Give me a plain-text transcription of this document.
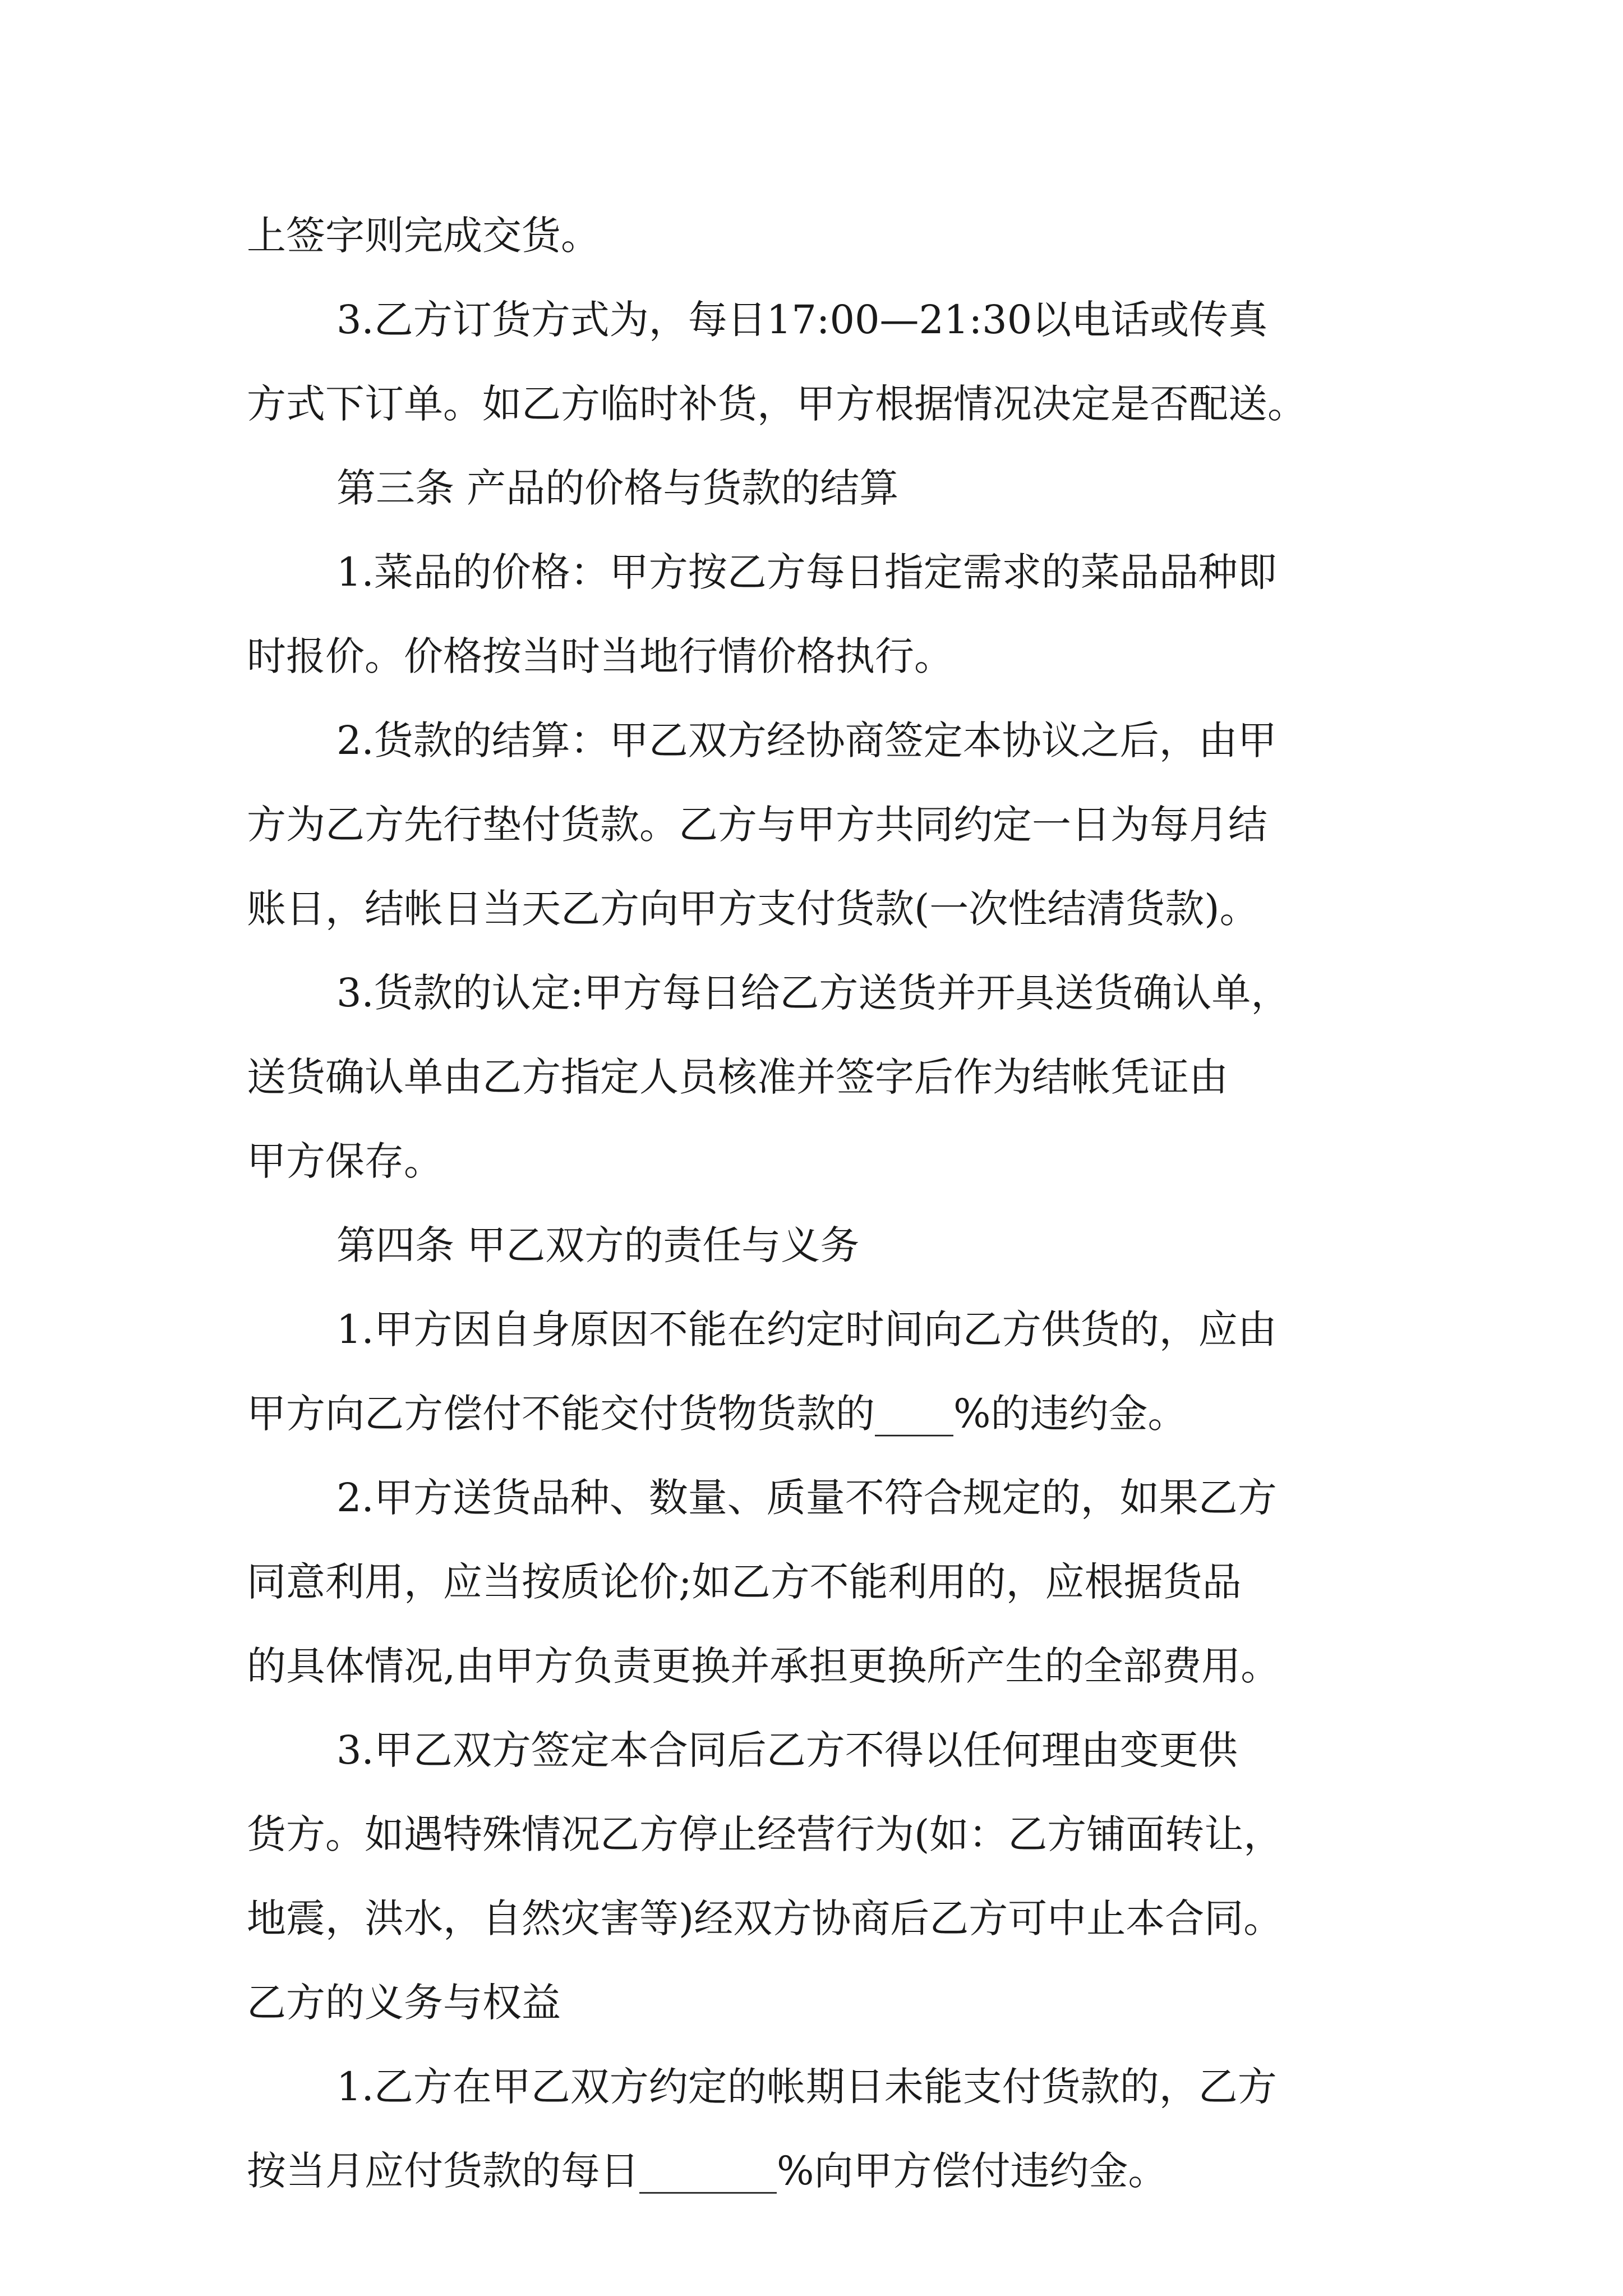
上签字则完成交货。
3.乙方订货方式为，每日17:00—21:30以电话或传真
方式下订单。如乙方临时补货，甲方根据情况决定是否配送。
第三条 产品的价格与货款的结算
1.菜品的价格：甲方按乙方每日指定需求的菜品品种即
时报价。价格按当时当地行情价格执行。
2.货款的结算：甲乙双方经协商签定本协议之后，由甲
方为乙方先行垫付货款。乙方与甲方共同约定一日为每月结
账日，结帐日当天乙方向甲方支付货款(一次性结清货款)。
3.货款的认定:甲方每日给乙方送货并开具送货确认单，
送货确认单由乙方指定人员核准并签字后作为结帐凭证由
甲方保存。
第四条 甲乙双方的责任与义务
1.甲方因自身原因不能在约定时间向乙方供货的，应由
甲方向乙方偿付不能交付货物货款的____%的违约金。
2.甲方送货品种、数量、质量不符合规定的，如果乙方
同意利用，应当按质论价;如乙方不能利用的，应根据货品
的具体情况,由甲方负责更换并承担更换所产生的全部费用。
3.甲乙双方签定本合同后乙方不得以任何理由变更供
货方。如遇特殊情况乙方停止经营行为(如：乙方铺面转让，
地震，洪水，自然灾害等)经双方协商后乙方可中止本合同。
乙方的义务与权益
1.乙方在甲乙双方约定的帐期日未能支付货款的，乙方
按当月应付货款的每日_______%向甲方偿付违约金。
